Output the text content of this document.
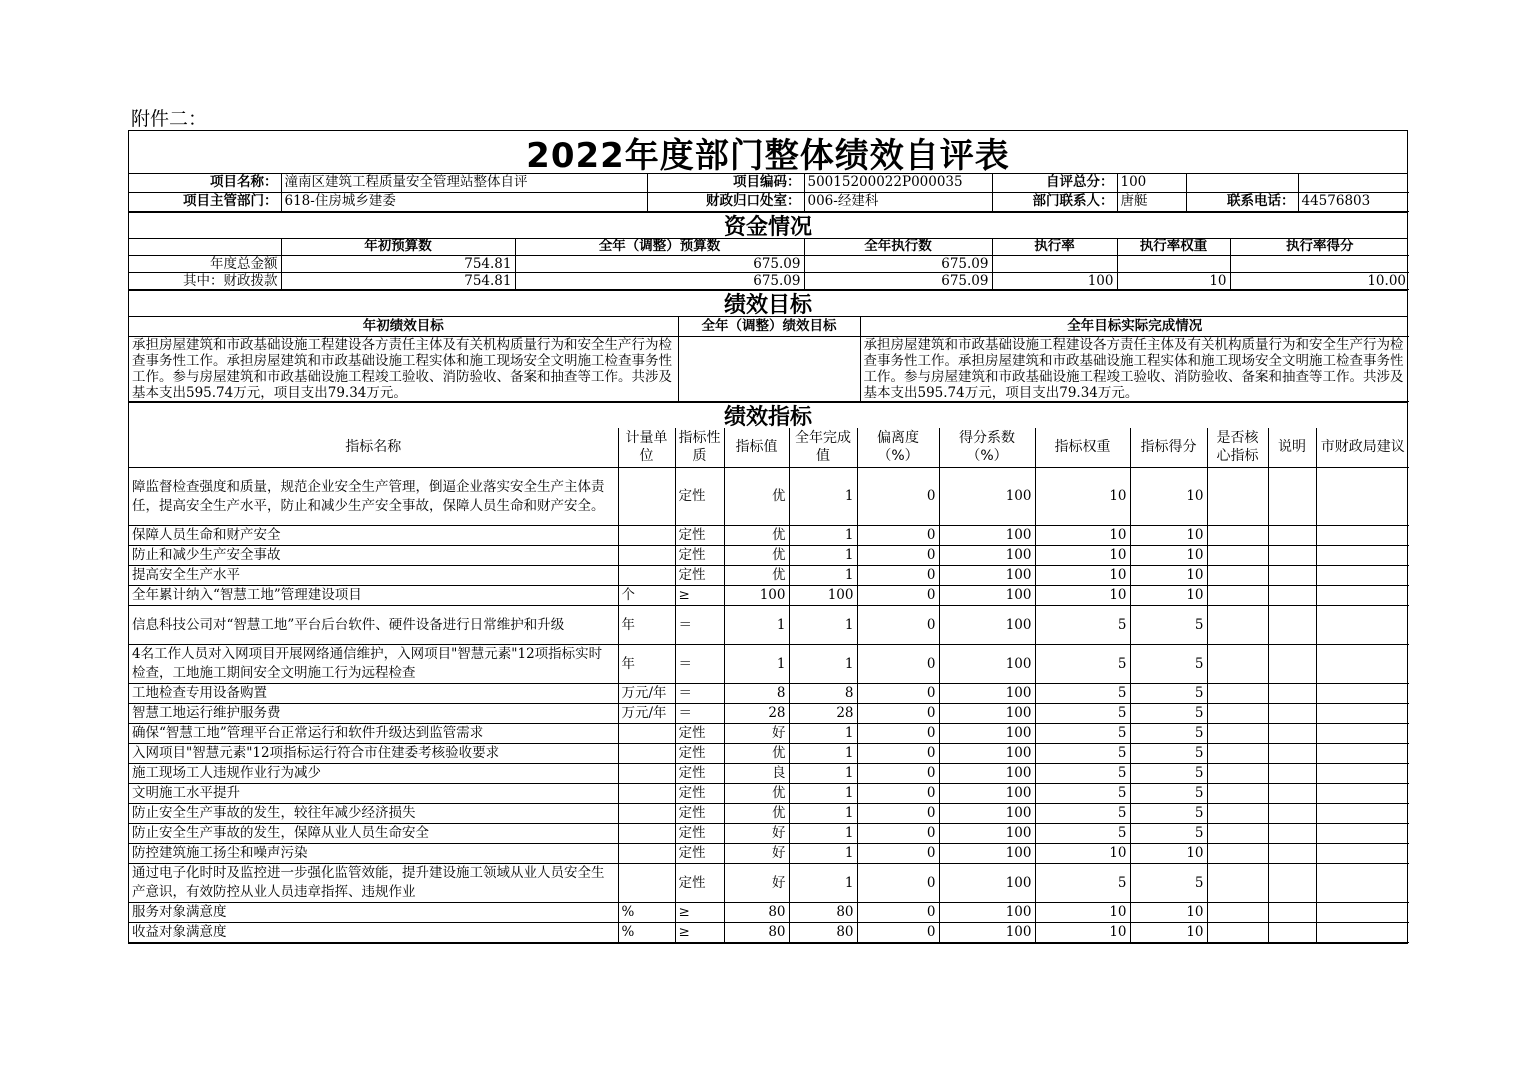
附件二：
2022年度部门整体绩效自评表
项目名称：	潼南区建筑工程质量安全管理站整体自评	项目编码：	50015200022P000035	自评总分：	100		
项目主管部门：	618-住房城乡建委	财政归口处室：	006-经建科	部门联系人：	唐艇	联系电话：	44576803
资金情况
	年初预算数	全年（调整）预算数	全年执行数	执行率	执行率权重	执行率得分
年度总金额	754.81	675.09	675.09			
其中：财政拨款	754.81	675.09	675.09	100	10	10.00
绩效目标
年初绩效目标	全年（调整）绩效目标	全年目标实际完成情况
承担房屋建筑和市政基础设施工程建设各方责任主体及有关机构质量行为和安全生产行为检查事务性工作。承担房屋建筑和市政基础设施工程实体和施工现场安全文明施工检查事务性工作。参与房屋建筑和市政基础设施工程竣工验收、消防验收、备案和抽查等工作。共涉及基本支出595.74万元，项目支出79.34万元。		承担房屋建筑和市政基础设施工程建设各方责任主体及有关机构质量行为和安全生产行为检查事务性工作。承担房屋建筑和市政基础设施工程实体和施工现场安全文明施工检查事务性工作。参与房屋建筑和市政基础设施工程竣工验收、消防验收、备案和抽查等工作。共涉及基本支出595.74万元，项目支出79.34万元。
绩效指标
指标名称	计量单位	指标性质	指标值	全年完成值	偏离度（%）	得分系数（%）	指标权重	指标得分	是否核心指标	说明	市财政局建议
障监督检查强度和质量，规范企业安全生产管理，倒逼企业落实安全生产主体责任，提高安全生产水平，防止和减少生产安全事故，保障人员生命和财产安全。		定性	优	1	0	100	10	10			
保障人员生命和财产安全		定性	优	1	0	100	10	10			
防止和减少生产安全事故		定性	优	1	0	100	10	10			
提高安全生产水平		定性	优	1	0	100	10	10			
全年累计纳入“智慧工地”管理建设项目	个	≥	100	100	0	100	10	10			
信息科技公司对“智慧工地”平台后台软件、硬件设备进行日常维护和升级	年	＝	1	1	0	100	5	5			
4名工作人员对入网项目开展网络通信维护，入网项目"智慧元素"12项指标实时检查，工地施工期间安全文明施工行为远程检查	年	＝	1	1	0	100	5	5			
工地检查专用设备购置	万元/年	＝	8	8	0	100	5	5			
智慧工地运行维护服务费	万元/年	＝	28	28	0	100	5	5			
确保“智慧工地”管理平台正常运行和软件升级达到监管需求		定性	好	1	0	100	5	5			
入网项目"智慧元素"12项指标运行符合市住建委考核验收要求		定性	优	1	0	100	5	5			
施工现场工人违规作业行为减少		定性	良	1	0	100	5	5			
文明施工水平提升		定性	优	1	0	100	5	5			
防止安全生产事故的发生，较往年减少经济损失		定性	优	1	0	100	5	5			
防止安全生产事故的发生，保障从业人员生命安全		定性	好	1	0	100	5	5			
防控建筑施工扬尘和噪声污染		定性	好	1	0	100	10	10			
通过电子化时时及监控进一步强化监管效能，提升建设施工领域从业人员安全生产意识，有效防控从业人员违章指挥、违规作业		定性	好	1	0	100	5	5			
服务对象满意度	%	≥	80	80	0	100	10	10			
收益对象满意度	%	≥	80	80	0	100	10	10			
